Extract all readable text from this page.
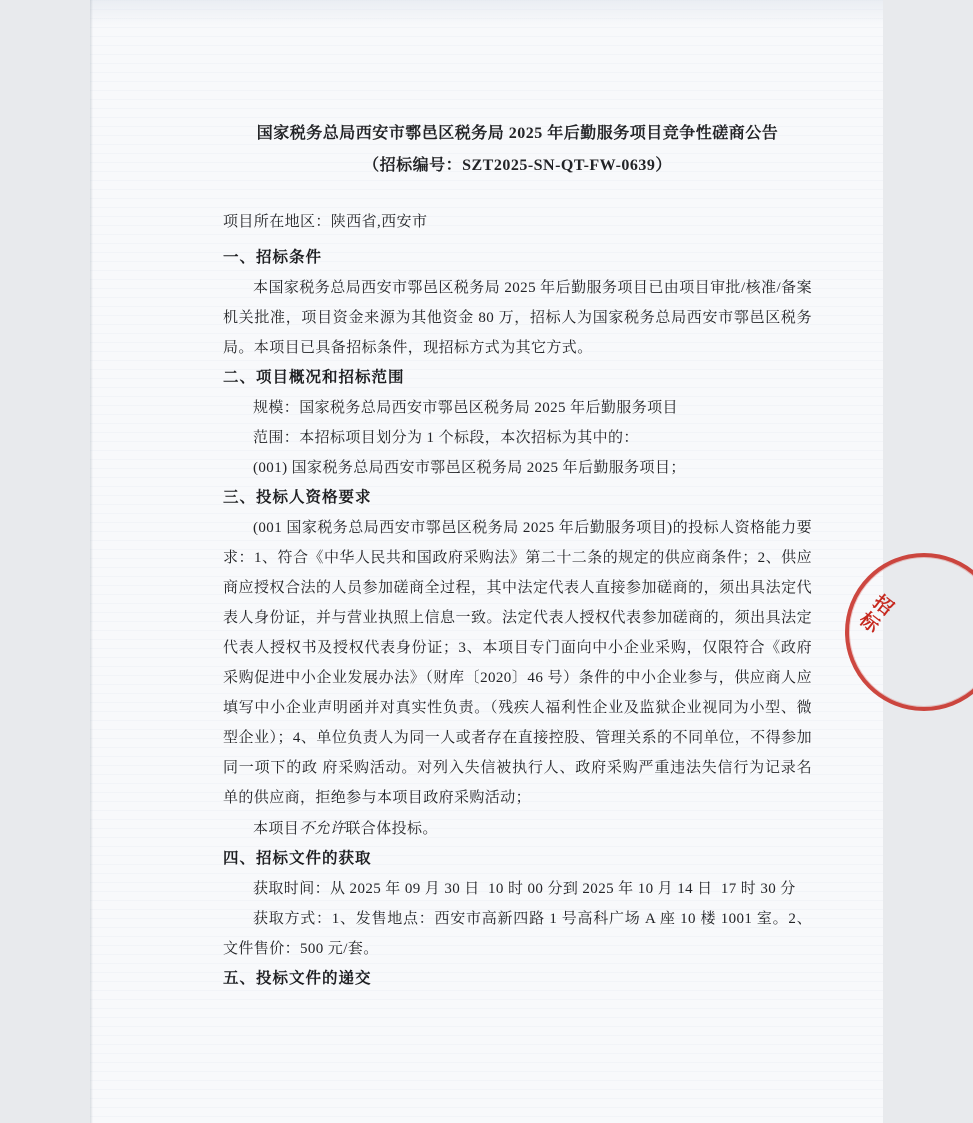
国家税务总局西安市鄠邑区税务局 2025 年后勤服务项目竞争性磋商公告
（招标编号：SZT2025-SN-QT-FW-0639）

项目所在地区：陕西省,西安市

一、招标条件

本国家税务总局西安市鄠邑区税务局 2025 年后勤服务项目已由项目审批/核准/备案机关批准，项目资金来源为其他资金 80 万，招标人为国家税务总局西安市鄠邑区税务局。本项目已具备招标条件，现招标方式为其它方式。

二、项目概况和招标范围

规模：国家税务总局西安市鄠邑区税务局 2025 年后勤服务项目

范围：本招标项目划分为 1 个标段，本次招标为其中的：

(001) 国家税务总局西安市鄠邑区税务局 2025 年后勤服务项目；

三、投标人资格要求

(001 国家税务总局西安市鄠邑区税务局 2025 年后勤服务项目)的投标人资格能力要求：1、符合《中华人民共和国政府采购法》第二十二条的规定的供应商条件；2、供应商应授权合法的人员参加磋商全过程，其中法定代表人直接参加磋商的，须出具法定代表人身份证，并与营业执照上信息一致。法定代表人授权代表参加磋商的，须出具法定代表人授权书及授权代表身份证；3、本项目专门面向中小企业采购，仅限符合《政府采购促进中小企业发展办法》（财库〔2020〕46 号）条件的中小企业参与，供应商人应填写中小企业声明函并对真实性负责。（残疾人福利性企业及监狱企业视同为小型、微型企业）；4、单位负责人为同一人或者存在直接控股、管理关系的不同单位，不得参加同一项下的政 府采购活动。对列入失信被执行人、政府采购严重违法失信行为记录名单的供应商，拒绝参与本项目政府采购活动；

本项目不允许联合体投标。

四、招标文件的获取

获取时间：从 2025 年 09 月 30 日  10 时 00 分到 2025 年 10 月 14 日  17 时 30 分

获取方式：1、发售地点：西安市高新四路 1 号高科广场 A 座 10 楼 1001 室。2、文件售价：500 元/套。

五、投标文件的递交
招标
